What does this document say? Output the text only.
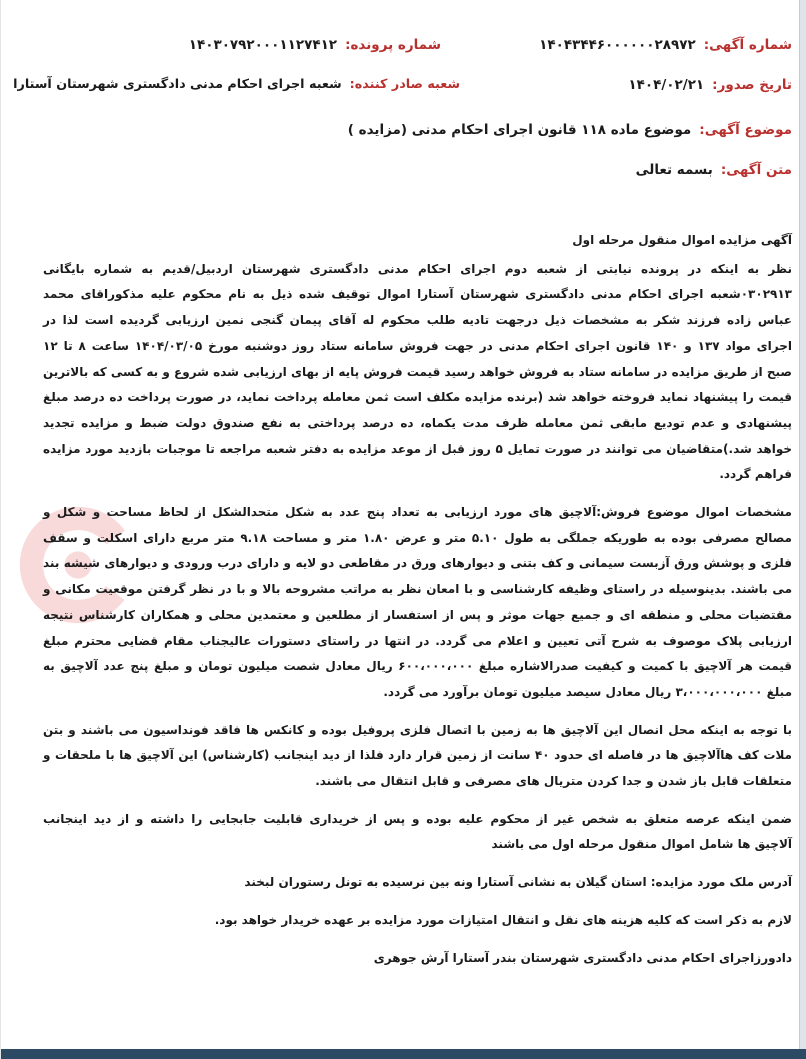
شماره آگهی:۱۴۰۴۳۴۴۶۰۰۰۰۰۰۲۸۹۷۲
شماره پرونده:۱۴۰۳۰۷۹۲۰۰۰۱۱۲۷۴۱۲
تاریخ صدور:۱۴۰۴/۰۲/۲۱
شعبه صادر کننده:شعبه اجرای احکام مدنی دادگستری شهرستان آستارا
موضوع آگهی:موضوع ماده ۱۱۸ قانون اجرای احکام مدنی (مزایده )
متن آگهی:بسمه تعالی
آگهی مزایده اموال منقول مرحله اول
نظر به اینکه در پرونده نیابتی از شعبه دوم اجرای احکام مدنی دادگستری شهرستان اردبیل/قدیم به شماره بایگانی
۰۳۰۲۹۱۳شعبه اجرای احکام مدنی دادگستری شهرستان آستارا اموال توقیف شده ذیل به نام محکوم علیه مذکوراقای محمد
عباس زاده فرزند شکر به مشخصات ذیل درجهت تادیه طلب محکوم له آقای پیمان گنجی نمین ارزیابی گردیده است لذا در
اجرای مواد ۱۳۷ و ۱۴۰ قانون اجرای احکام مدنی در جهت فروش سامانه ستاد روز دوشنبه مورخ ۱۴۰۴/۰۳/۰۵ ساعت ۸ تا ۱۲
صبح از طریق مزایده در سامانه ستاد به فروش خواهد رسید قیمت فروش پایه از بهای ارزیابی شده شروع و به کسی که بالاترین
قیمت را پیشنهاد نماید فروخته خواهد شد (برنده مزایده مکلف است ثمن معامله پرداخت نماید، در صورت پرداخت ده درصد مبلغ
پیشنهادی و عدم تودیع مابقی ثمن معامله ظرف مدت یکماه، ده درصد پرداختی به نفع صندوق دولت ضبط و مزایده تجدید
خواهد شد.)متقاضیان می توانند در صورت تمایل ۵ روز قبل از موعد مزایده به دفتر شعبه مراجعه تا موجبات بازدید مورد مزایده
فراهم گردد.
مشخصات اموال موضوع فروش:آلاچیق های مورد ارزیابی به تعداد پنج عدد به شکل متحدالشکل از لحاظ مساحت و شکل و
مصالح مصرفی بوده به طوریکه جملگی به طول ۵.۱۰ متر و عرض ۱.۸۰ متر و مساحت ۹.۱۸ متر مربع دارای اسکلت و سقف
فلزی و پوشش ورق آزبست سیمانی و کف بتنی و دیوارهای ورق در مقاطعی دو لایه و دارای درب ورودی و دیوارهای شیشه بند
می باشند. بدینوسیله در راستای وظیفه کارشناسی و با امعان نظر به مراتب مشروحه بالا و با در نظر گرفتن موقعیت مکانی و
مقتضیات محلی و منطقه ای و جمیع جهات موثر و پس از استفسار از مطلعین و معتمدین محلی و همکاران کارشناس نتیجه
ارزیابی پلاک موصوف به شرح آتی تعیین و اعلام می گردد. در انتها در راستای دستورات عالیجناب مقام قضایی محترم مبلغ
قیمت هر آلاچیق با کمیت و کیفیت صدرالاشاره مبلغ ۶۰۰،۰۰۰،۰۰۰ ریال معادل شصت میلیون تومان و مبلغ پنج عدد آلاچیق به
مبلغ ۳،۰۰۰،۰۰۰،۰۰۰ ریال معادل سیصد میلیون تومان برآورد می گردد.
با توجه به اینکه محل انصال این آلاچیق ها به زمین با اتصال فلزی پروفیل بوده و کانکس ها فاقد فونداسیون می باشند و بتن
ملات کف هاآلاچیق ها در فاصله ای حدود ۴۰ سانت از زمین قرار دارد فلذا از دید اینجانب (کارشناس) این آلاچیق ها با ملحقات و
متعلقات قابل باز شدن و جدا کردن متریال های مصرفی و قابل انتقال می باشند.
ضمن اینکه عرصه متعلق به شخص غیر از محکوم علیه بوده و پس از خریداری قابلیت جابجایی را داشته و از دید اینجانب
آلاچیق ها شامل اموال منقول مرحله اول می باشند
آدرس ملک مورد مزایده: استان گیلان به نشانی آستارا ونه بین نرسیده به تونل رستوران لبخند
لازم به ذکر است که کلیه هزینه های نقل و انتقال امتیازات مورد مزایده بر عهده خریدار خواهد بود.
دادورزاجرای احکام مدنی دادگستری شهرستان بندر آستارا آرش جوهری
